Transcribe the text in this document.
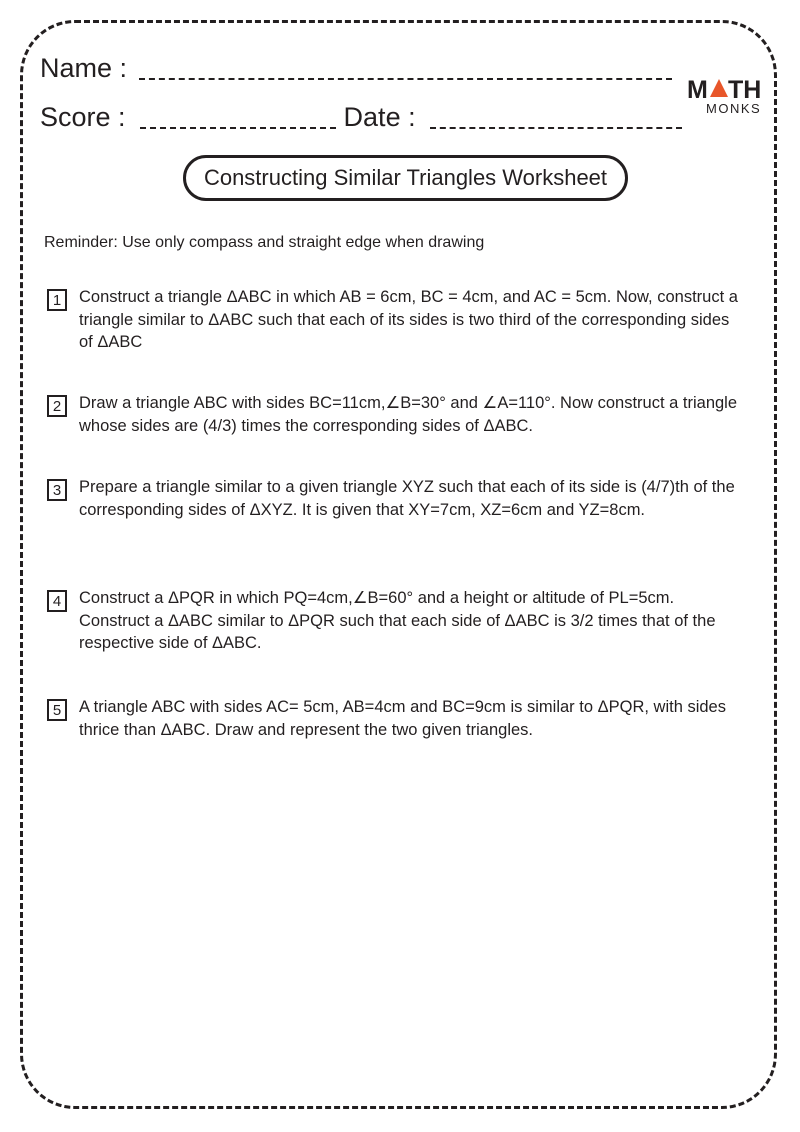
Name :
Score :	Date :
M TH
MONKS
Constructing Similar Triangles Worksheet
Reminder: Use only compass and straight edge when drawing
1	Construct a triangle ΔABC in which AB = 6cm, BC = 4cm, and AC = 5cm. Now, construct a triangle similar to ΔABC such that each of its sides is two third of the corresponding sides of ΔABC
2	Draw a triangle ABC with sides BC=11cm,∠B=30° and ∠A=110°. Now construct a triangle whose sides are (4/3) times the corresponding sides of ΔABC.
3	Prepare a triangle similar to a given triangle XYZ such that each of its side is (4/7)th of the corresponding sides of ΔXYZ. It is given that XY=7cm, XZ=6cm and YZ=8cm.
4	Construct a ΔPQR in which PQ=4cm,∠B=60° and a height or altitude of PL=5cm. Construct a ΔABC similar to ΔPQR such that each side of ΔABC is 3/2 times that of the respective side of ΔABC.
5	A triangle ABC with sides AC= 5cm, AB=4cm and BC=9cm is similar to ΔPQR, with sides thrice than ΔABC. Draw and represent the two given triangles.
